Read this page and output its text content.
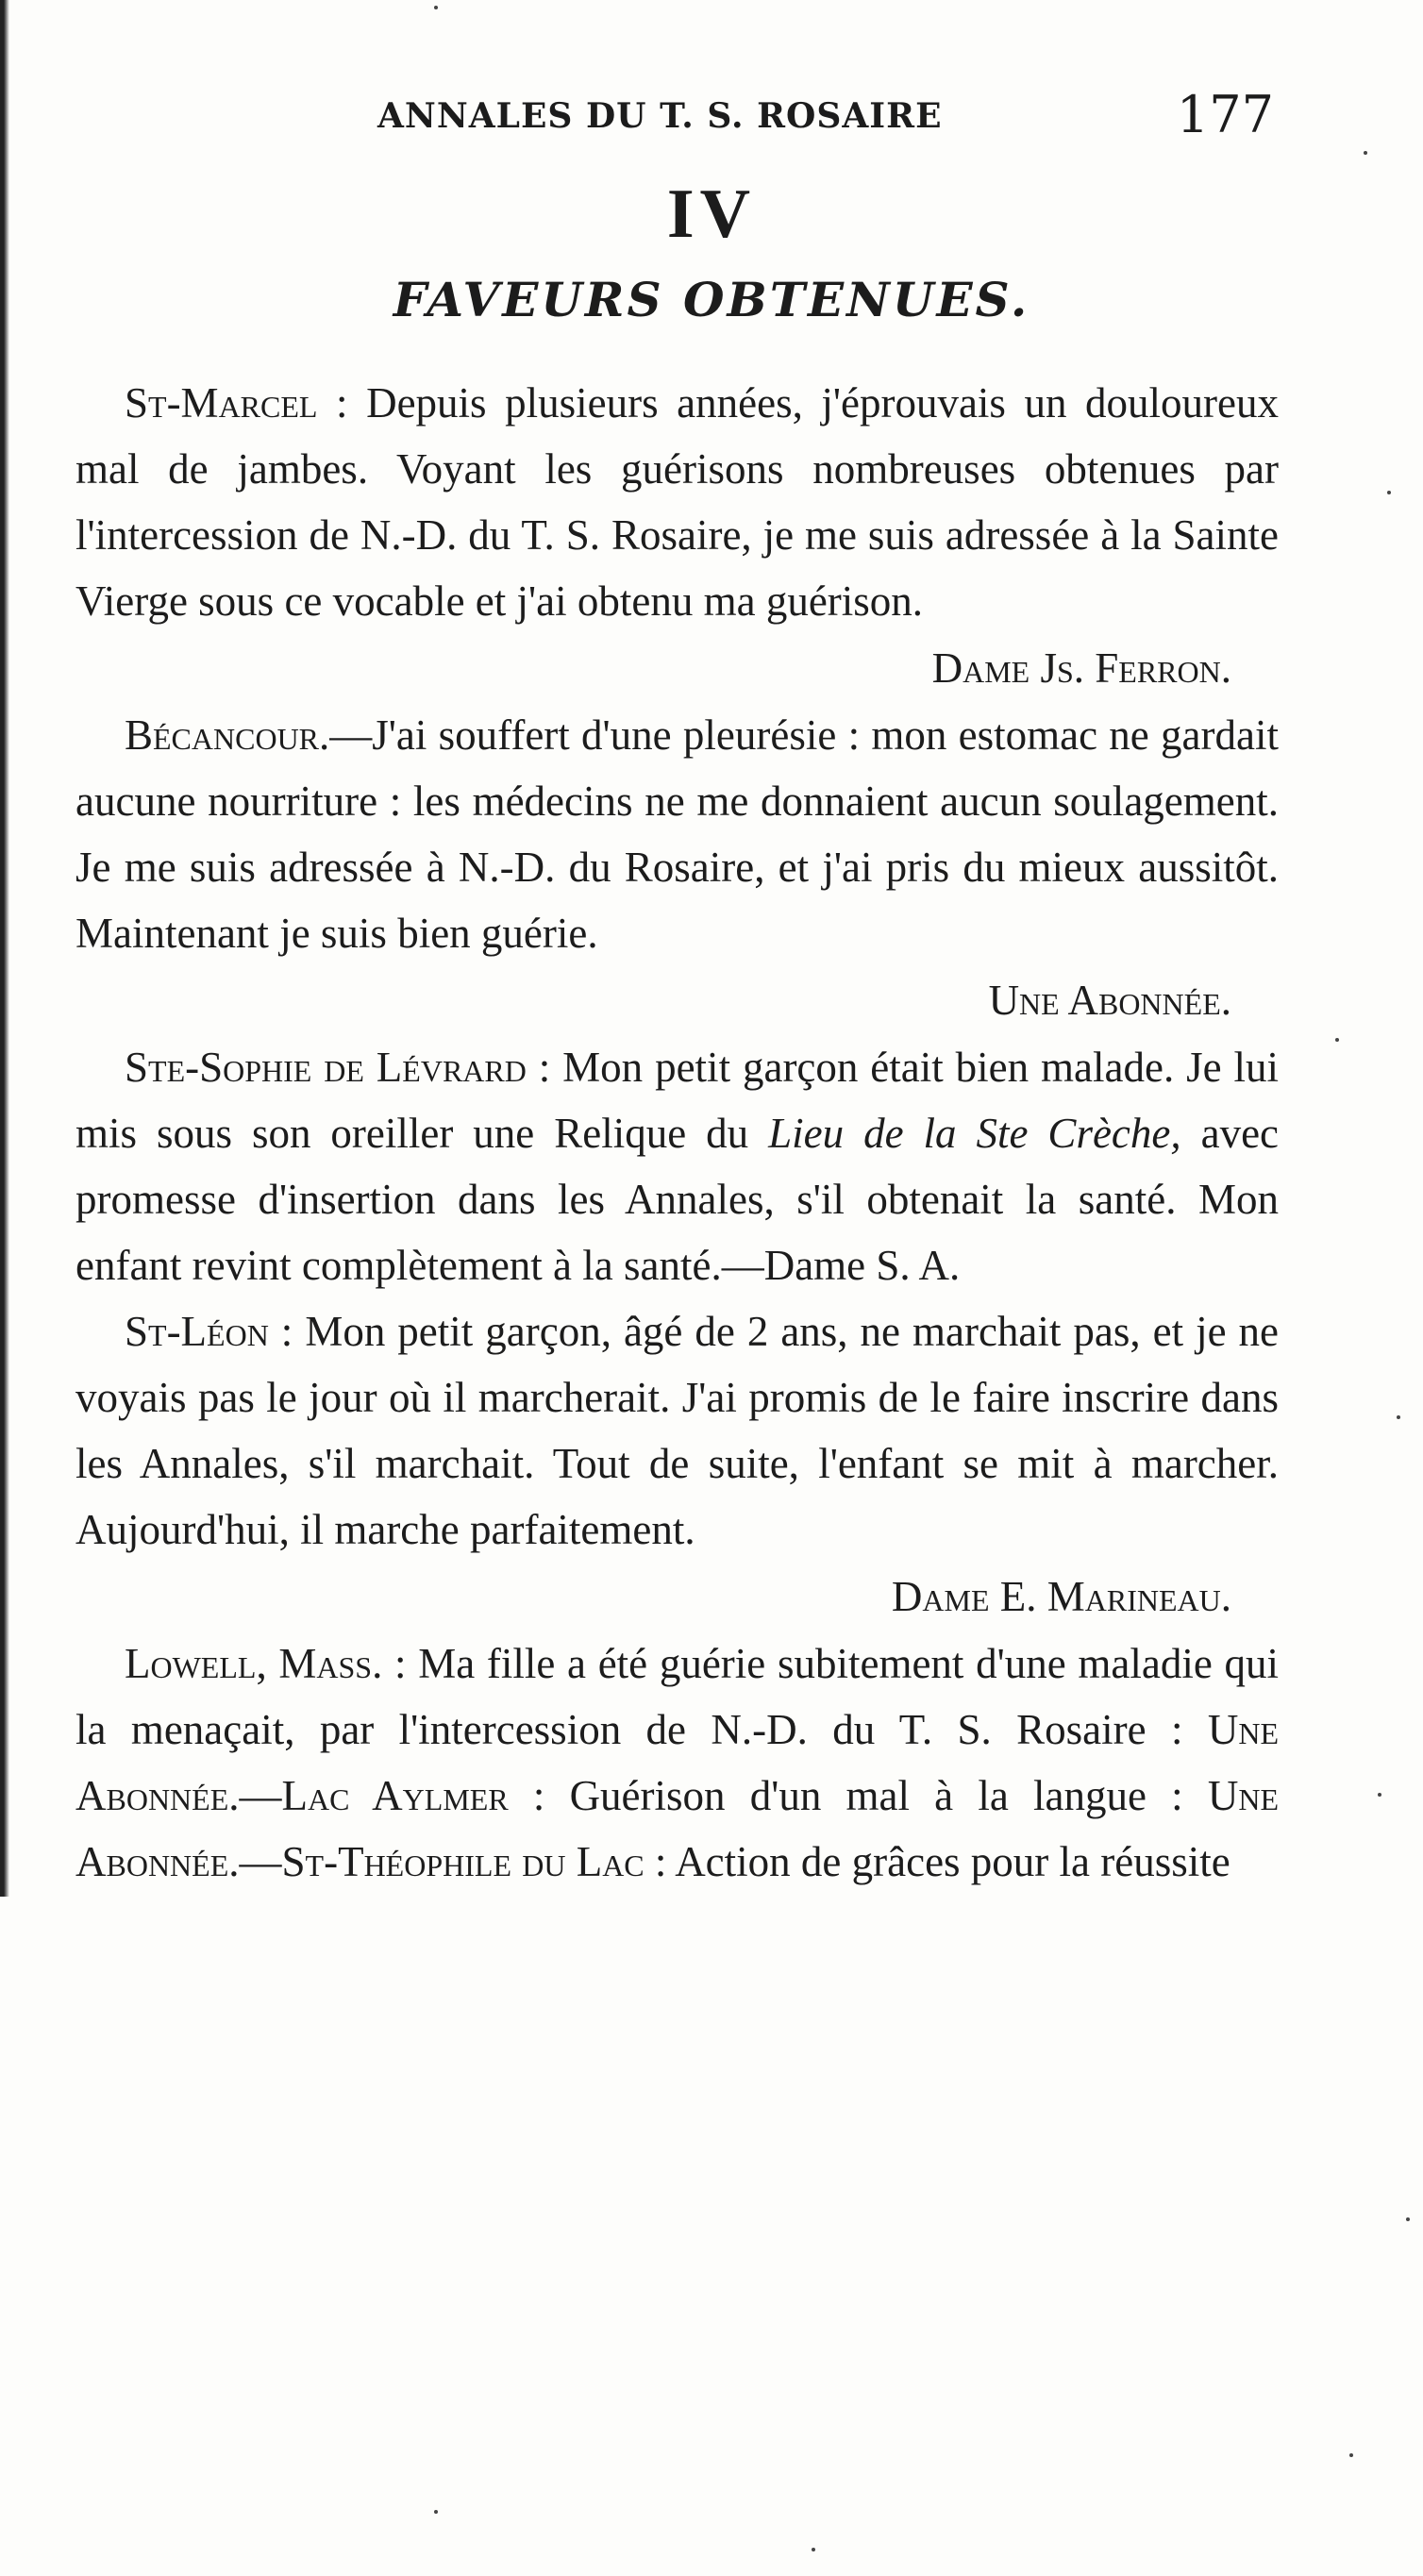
ANNALES DU T. S. ROSAIRE	177
IV
FAVEURS OBTENUES.

St-Marcel : Depuis plusieurs années, j'éprouvais un douloureux mal de jambes. Voyant les guérisons nombreuses obtenues par l'intercession de N.-D. du T. S. Rosaire, je me suis adressée à la Sainte Vierge sous ce vocable et j'ai obtenu ma guérison.

Dame Js. Ferron.

Bécancour.—J'ai souffert d'une pleurésie : mon estomac ne gardait aucune nourriture : les médecins ne me donnaient aucun soulagement. Je me suis adressée à N.-D. du Rosaire, et j'ai pris du mieux aussitôt. Maintenant je suis bien guérie.

Une Abonnée.

Ste-Sophie de Lévrard : Mon petit garçon était bien malade. Je lui mis sous son oreiller une Relique du Lieu de la Ste Crèche, avec promesse d'insertion dans les Annales, s'il obtenait la santé. Mon enfant revint complètement à la santé.—Dame S. A.

St-Léon : Mon petit garçon, âgé de 2 ans, ne marchait pas, et je ne voyais pas le jour où il marcherait. J'ai promis de le faire inscrire dans les Annales, s'il marchait. Tout de suite, l'enfant se mit à marcher. Aujourd'hui, il marche parfaitement.

Dame E. Marineau.

Lowell, Mass. : Ma fille a été guérie subitement d'une maladie qui la menaçait, par l'intercession de N.-D. du T. S. Rosaire : Une Abonnée.—Lac Aylmer : Guérison d'un mal à la langue : Une Abonnée.—St-Théophile du Lac : Action de grâces pour la réussite
